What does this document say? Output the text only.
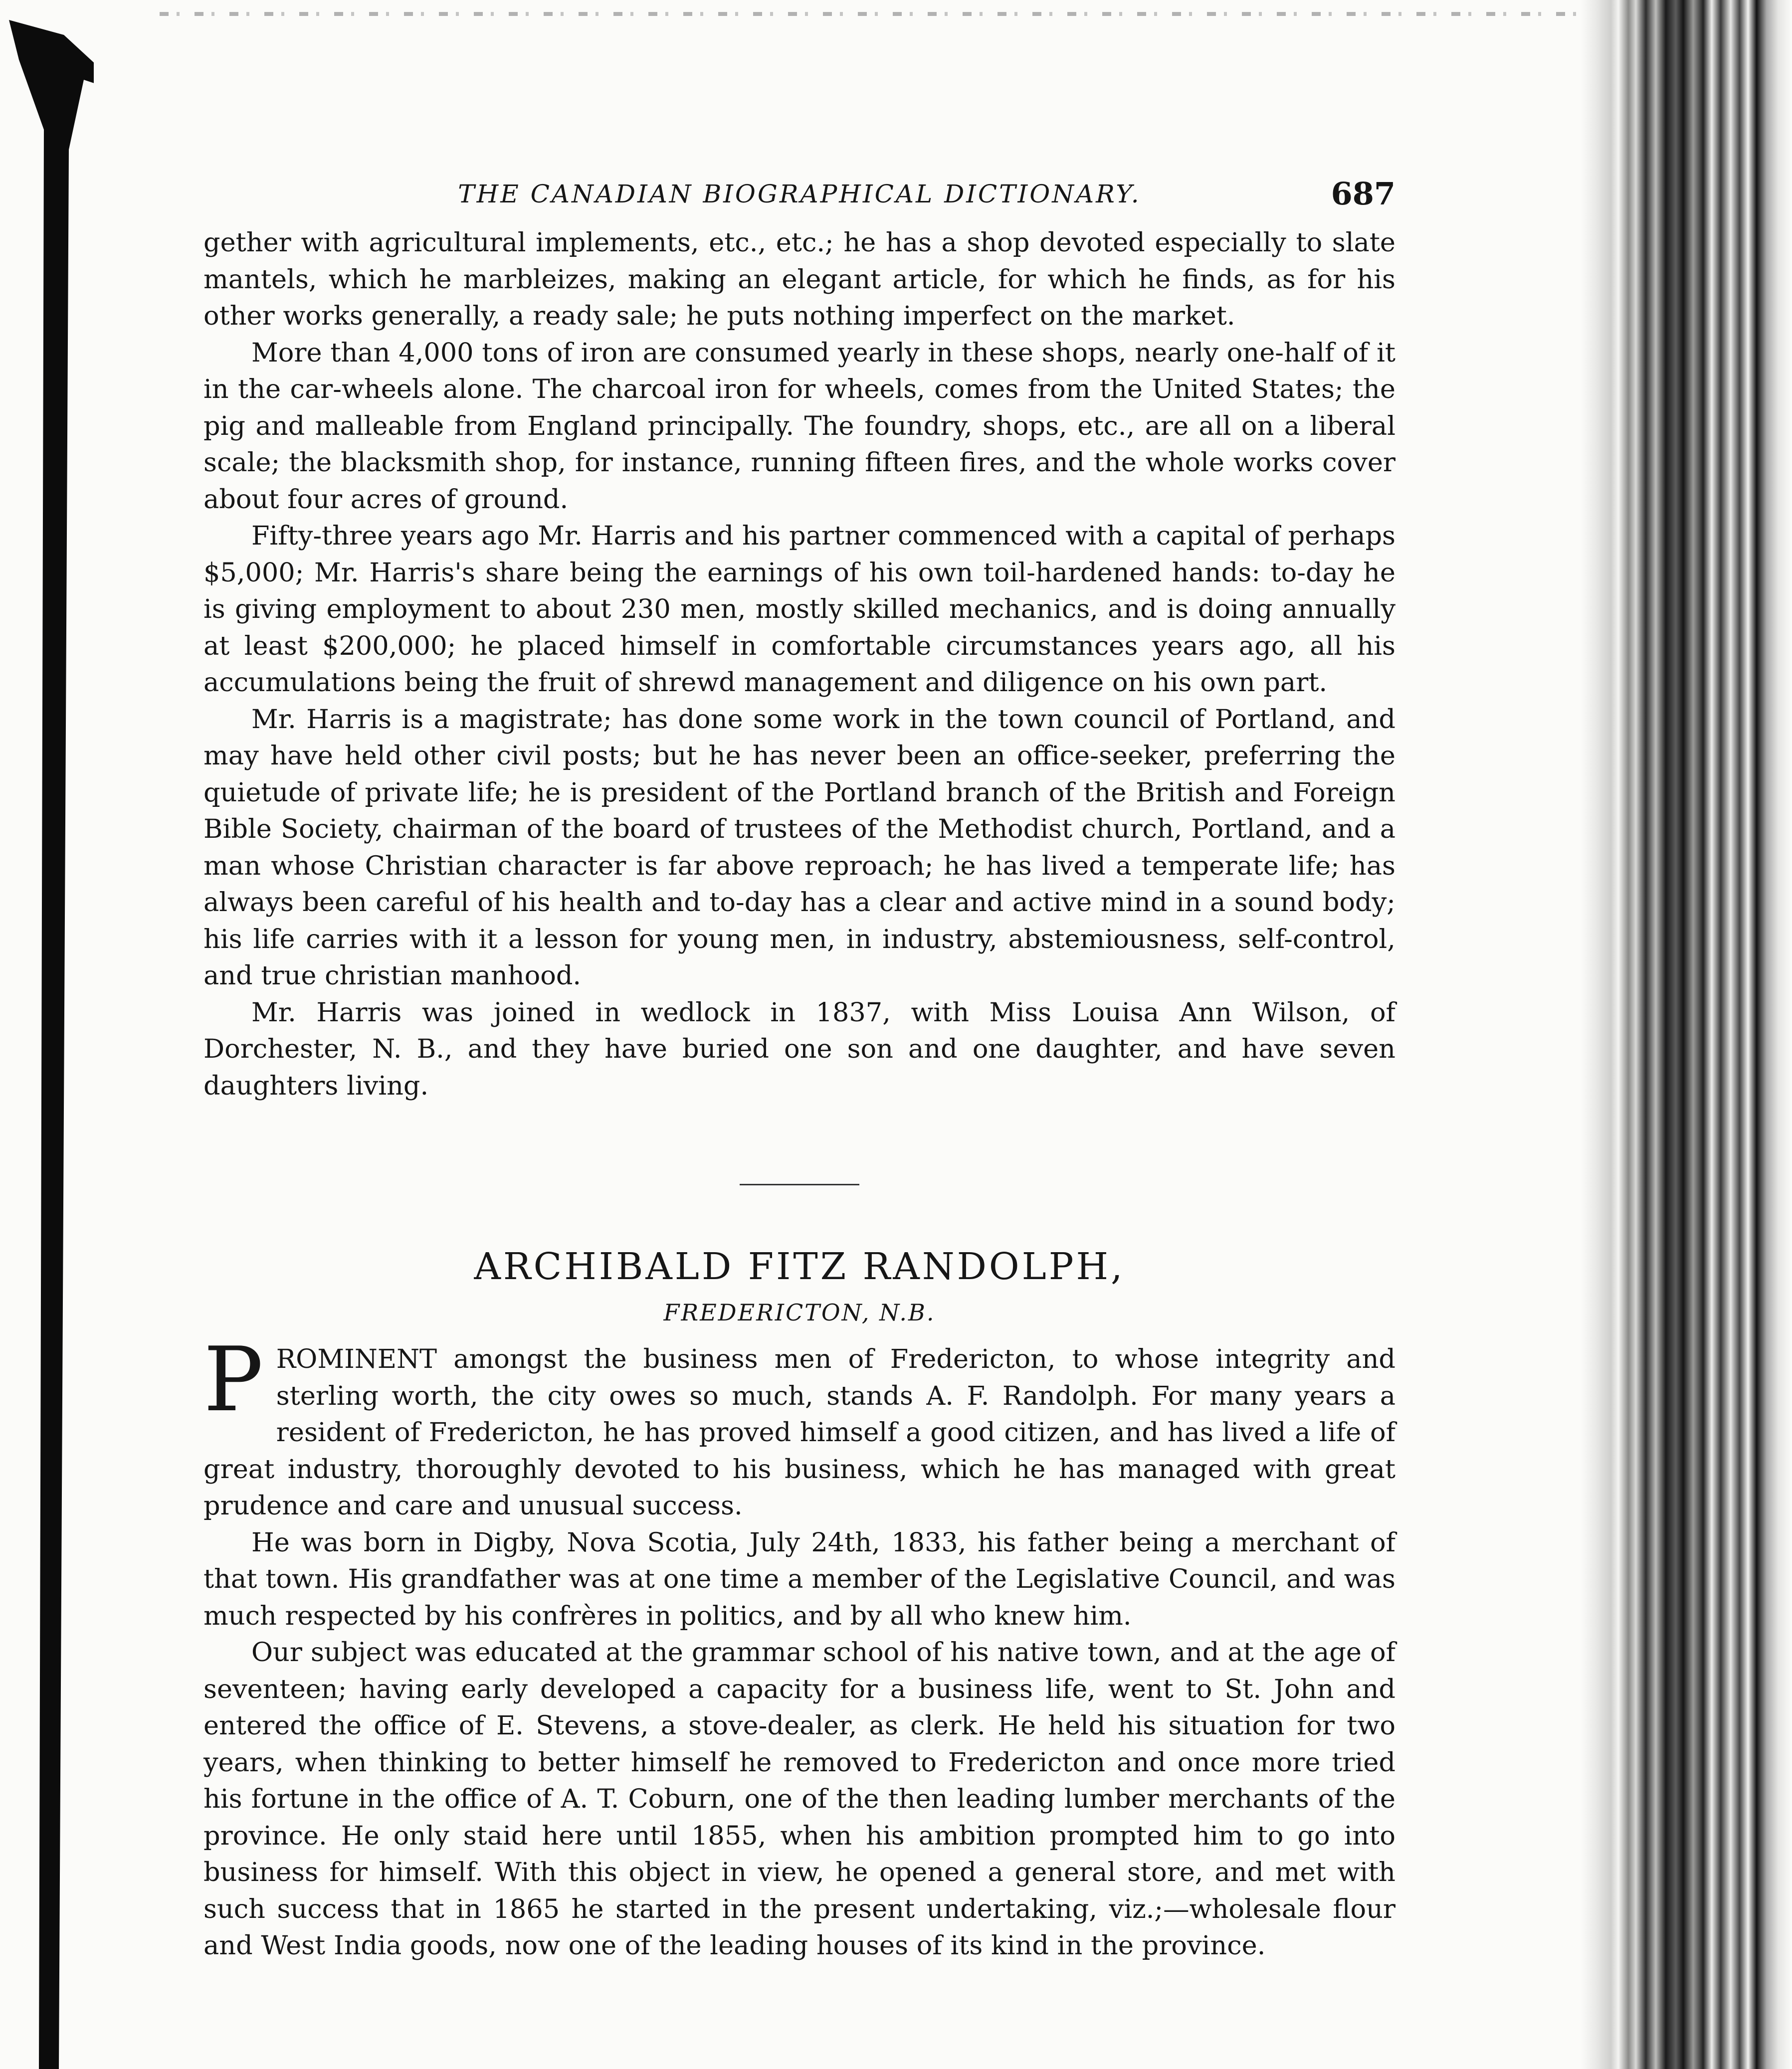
THE CANADIAN BIOGRAPHICAL DICTIONARY.	687

gether with agricultural implements, etc., etc.; he has a shop devoted especially to slate mantels, which he marbleizes, making an elegant article, for which he finds, as for his other works generally, a ready sale; he puts nothing imperfect on the market.

More than 4,000 tons of iron are consumed yearly in these shops, nearly one-half of it in the car-wheels alone. The charcoal iron for wheels, comes from the United States; the pig and malleable from England principally. The foundry, shops, etc., are all on a liberal scale; the blacksmith shop, for instance, running fifteen fires, and the whole works cover about four acres of ground.

Fifty-three years ago Mr. Harris and his partner commenced with a capital of perhaps $5,000; Mr. Harris's share being the earnings of his own toil-hardened hands: to-day he is giving employment to about 230 men, mostly skilled mechanics, and is doing annually at least $200,000; he placed himself in comfortable circumstances years ago, all his accumulations being the fruit of shrewd management and diligence on his own part.

Mr. Harris is a magistrate; has done some work in the town council of Portland, and may have held other civil posts; but he has never been an office-seeker, preferring the quietude of private life; he is president of the Portland branch of the British and Foreign Bible Society, chairman of the board of trustees of the Methodist church, Portland, and a man whose Christian character is far above reproach; he has lived a temperate life; has always been careful of his health and to-day has a clear and active mind in a sound body; his life carries with it a lesson for young men, in industry, abstemiousness, self-control, and true christian manhood.

Mr. Harris was joined in wedlock in 1837, with Miss Louisa Ann Wilson, of Dorchester, N. B., and they have buried one son and one daughter, and have seven daughters living.

ARCHIBALD FITZ RANDOLPH,
FREDERICTON, N.B.

PROMINENT amongst the business men of Fredericton, to whose integrity and sterling worth, the city owes so much, stands A. F. Randolph. For many years a resident of Fredericton, he has proved himself a good citizen, and has lived a life of great industry, thoroughly devoted to his business, which he has managed with great prudence and care and unusual success.

He was born in Digby, Nova Scotia, July 24th, 1833, his father being a merchant of that town. His grandfather was at one time a member of the Legislative Council, and was much respected by his confrères in politics, and by all who knew him.

Our subject was educated at the grammar school of his native town, and at the age of seventeen; having early developed a capacity for a business life, went to St. John and entered the office of E. Stevens, a stove-dealer, as clerk. He held his situation for two years, when thinking to better himself he removed to Fredericton and once more tried his fortune in the office of A. T. Coburn, one of the then leading lumber merchants of the province. He only staid here until 1855, when his ambition prompted him to go into business for himself. With this object in view, he opened a general store, and met with such success that in 1865 he started in the present undertaking, viz.;—wholesale flour and West India goods, now one of the leading houses of its kind in the province.
